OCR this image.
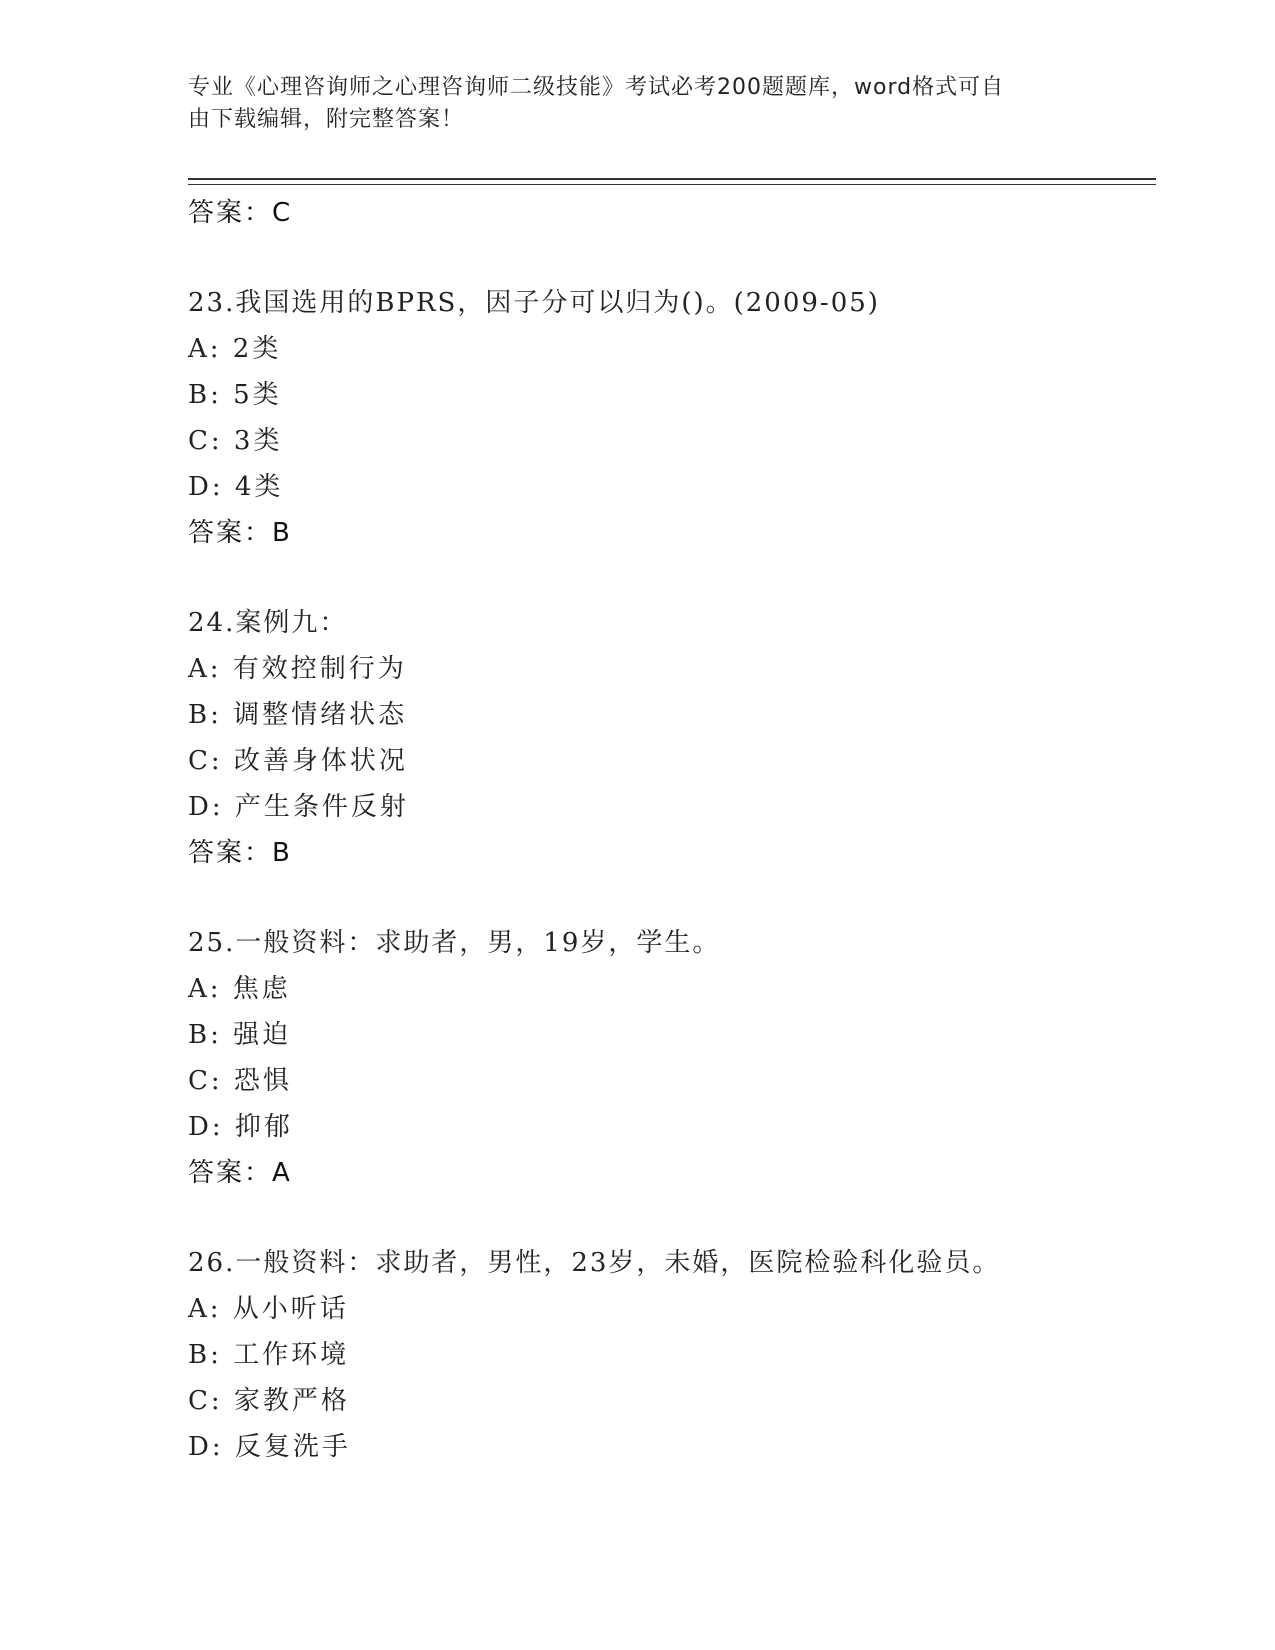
专业《心理咨询师之心理咨询师二级技能》考试必考200题题库，word格式可自
由下载编辑，附完整答案！
答案：C
23.我国选用的BPRS，因子分可以归为()。(2009-05)
A: 2类
B: 5类
C: 3类
D: 4类
答案：B
24.案例九：
A: 有效控制行为
B: 调整情绪状态
C: 改善身体状况
D: 产生条件反射
答案：B
25.一般资料：求助者，男，19岁，学生。
A: 焦虑
B: 强迫
C: 恐惧
D: 抑郁
答案：A
26.一般资料：求助者，男性，23岁，未婚，医院检验科化验员。
A: 从小听话
B: 工作环境
C: 家教严格
D: 反复洗手
